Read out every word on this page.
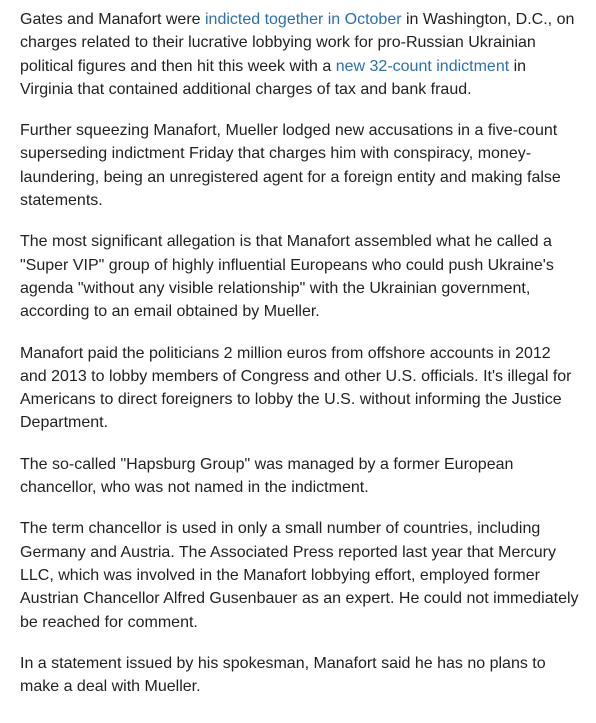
Gates and Manafort were indicted together in October in Washington, D.C., on charges related to their lucrative lobbying work for pro-Russian Ukrainian political figures and then hit this week with a new 32-count indictment in Virginia that contained additional charges of tax and bank fraud.

Further squeezing Manafort, Mueller lodged new accusations in a five-count superseding indictment Friday that charges him with conspiracy, money-laundering, being an unregistered agent for a foreign entity and making false statements.

The most significant allegation is that Manafort assembled what he called a "Super VIP" group of highly influential Europeans who could push Ukraine's agenda "without any visible relationship" with the Ukrainian government, according to an email obtained by Mueller.

Manafort paid the politicians 2 million euros from offshore accounts in 2012 and 2013 to lobby members of Congress and other U.S. officials. It's illegal for Americans to direct foreigners to lobby the U.S. without informing the Justice Department.

The so-called "Hapsburg Group" was managed by a former European chancellor, who was not named in the indictment.

The term chancellor is used in only a small number of countries, including Germany and Austria. The Associated Press reported last year that Mercury LLC, which was involved in the Manafort lobbying effort, employed former Austrian Chancellor Alfred Gusenbauer as an expert. He could not immediately be reached for comment.

In a statement issued by his spokesman, Manafort said he has no plans to make a deal with Mueller.
